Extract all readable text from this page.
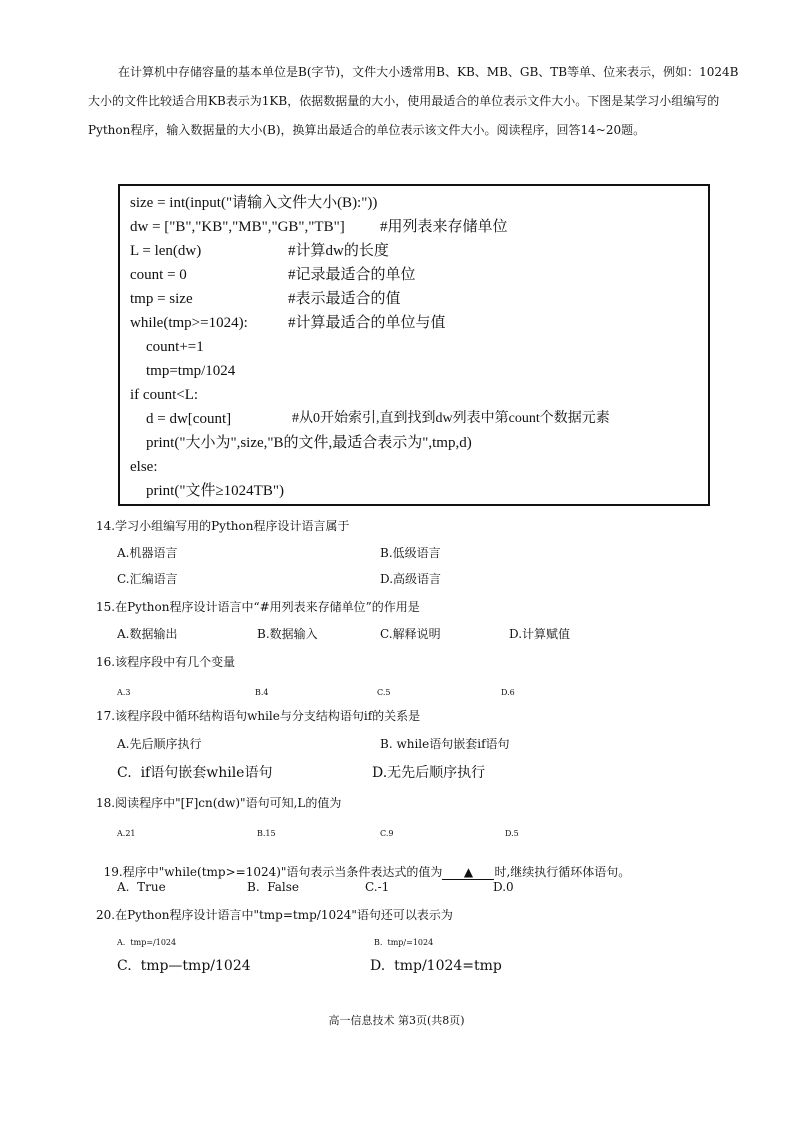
在计算机中存储容量的基本单位是B(字节)，文件大小透常用B、KB、MB、GB、TB等单、位来表示，例如：1024B大小的文件比较适合用KB表示为1KB，依据数据量的大小，使用最适合的单位表示文件大小。下图是某学习小组编写的Python程序，输入数据量的大小(B)，换算出最适合的单位表示该文件大小。阅读程序，回答14~20题。

size = int(input("请输入文件大小(B):"))
dw = ["B","KB","MB","GB","TB"] #用列表来存储单位
L = len(dw)	#计算dw的长度
count = 0	#记录最适合的单位
tmp = size	#表示最适合的值
while(tmp>=1024):	#计算最适合的单位与值
count+=1
tmp=tmp/1024
if count<L:
d = dw[count]	#从0开始索引,直到找到dw列表中第count个数据元素
print("大小为",size,"B的文件,最适合表示为",tmp,d)
else:
print("文件≥1024TB")
14.学习小组编写用的Python程序设计语言属于
A.机器语言	B.低级语言
C.汇编语言	D.高级语言
15.在Python程序设计语言中“#用列表来存储单位”的作用是
A.数据输出	B.数据输入	C.解释说明	D.计算赋值
16.该程序段中有几个变量
A.3	B.4	C.5	D.6
17.该程序段中循环结构语句while与分支结构语句if的关系是
A.先后顺序执行	B. while语句嵌套if语句
C.  if语句嵌套while语句	D.无先后顺序执行
18.阅读程序中"[F]cn(dw)"语句可知,L的值为
A.21	B.15	C.9	D.5

19.程序中"while(tmp>=1024)"语句表示当条件表达式的值为 ▲ 时,继续执行循环体语句。

A.  True	B.  False	C.-1	D.0
20.在Python程序设计语言中"tmp=tmp/1024"语句还可以表示为
A.  tmp=/1024	B.  tmp/=1024
C.  tmp—tmp/1024	D.  tmp/1024=tmp
高一信息技术 第3页(共8页)
